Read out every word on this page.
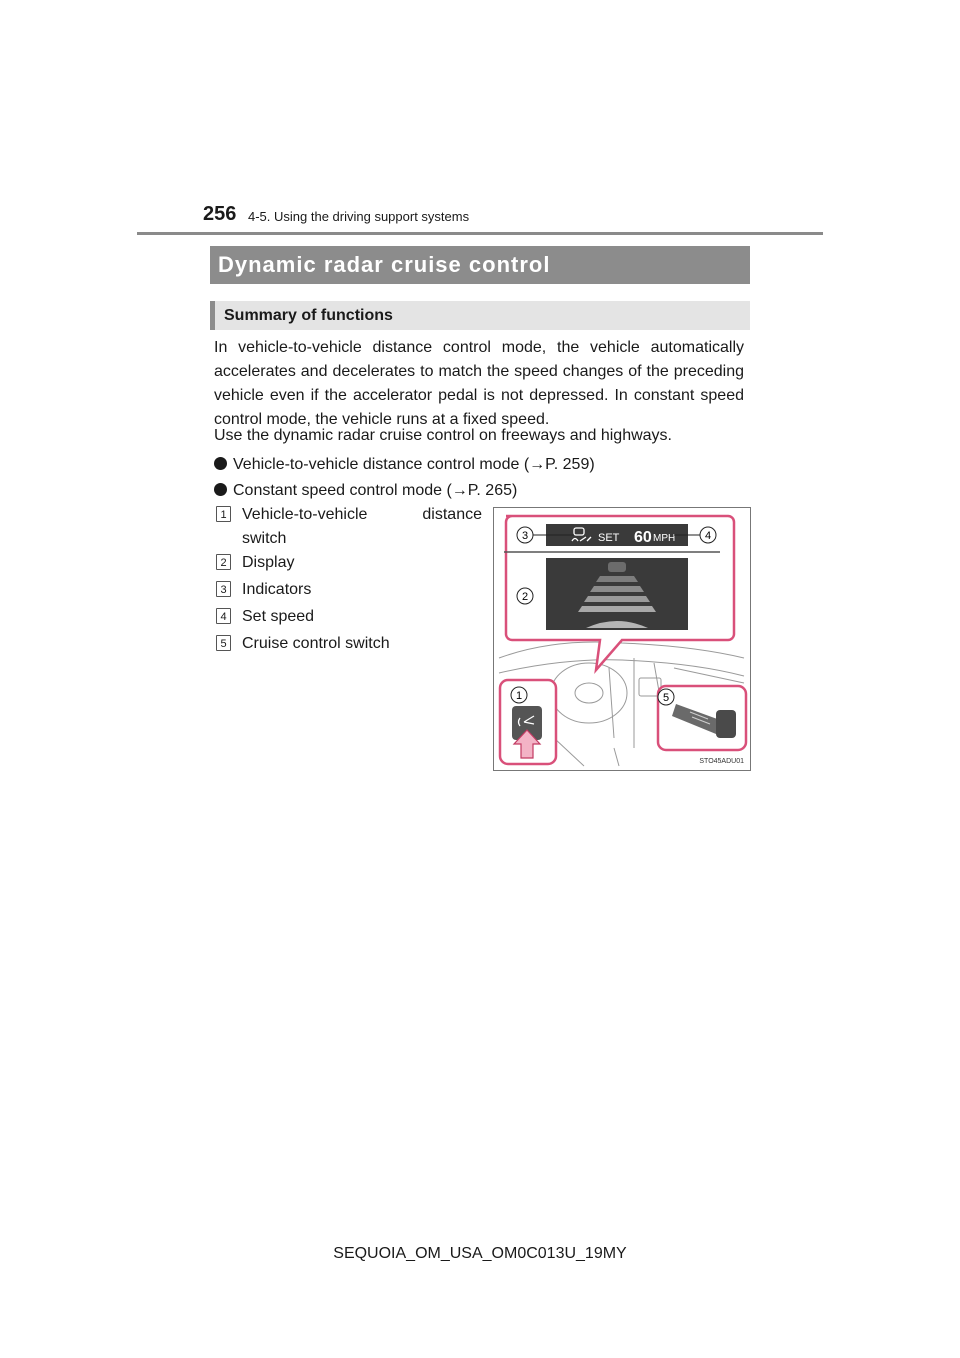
256 4-5. Using the driving support systems
Dynamic radar cruise control
Summary of functions

In vehicle-to-vehicle distance control mode, the vehicle automatically accelerates and decelerates to match the speed changes of the preceding vehicle even if the accelerator pedal is not depressed. In constant speed control mode, the vehicle runs at a fixed speed.

Use the dynamic radar cruise control on freeways and highways.

Vehicle-to-vehicle distance control mode (→P. 259)
Constant speed control mode (→P. 265)
1 Vehicle-to-vehicle distance
switch
2 Display
3 Indicators
4 Set speed
5 Cruise control switch
SET 60 MPH
3	4
2
1	5
STO45ADU01
SEQUOIA_OM_USA_OM0C013U_19MY
